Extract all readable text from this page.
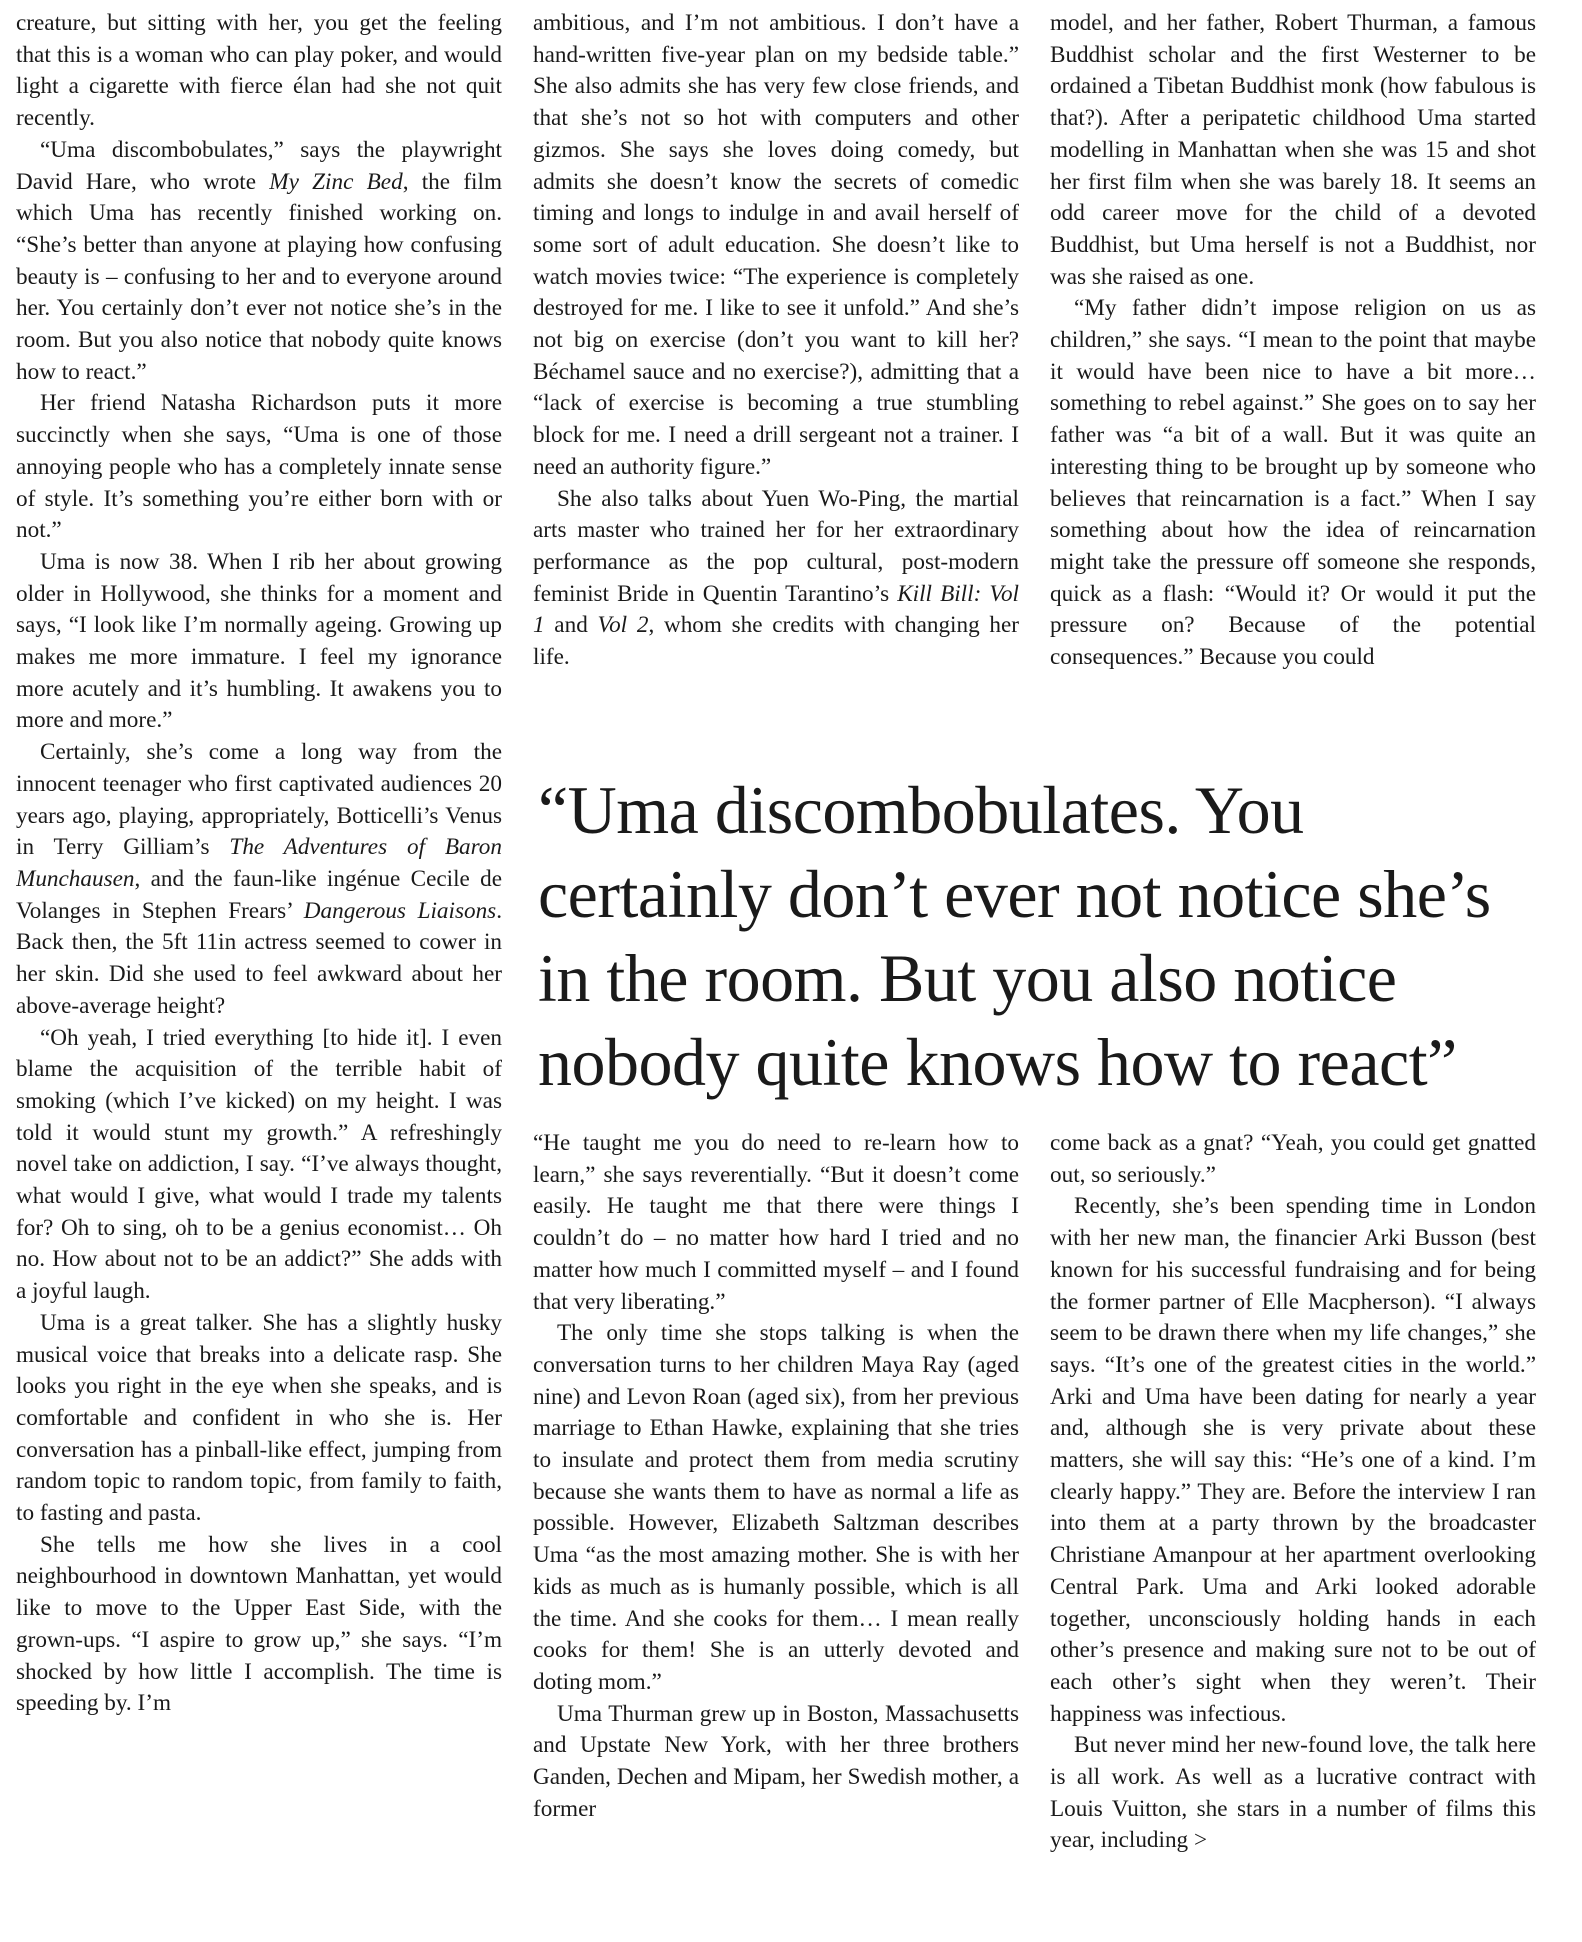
creature, but sitting with her, you get the feeling that this is a woman who can play poker, and would light a cigarette with fierce élan had she not quit recently.

“Uma discombobulates,” says the playwright David Hare, who wrote My Zinc Bed, the film which Uma has recently finished working on. “She’s better than anyone at playing how confusing beauty is – confusing to her and to everyone around her. You certainly don’t ever not notice she’s in the room. But you also notice that nobody quite knows how to react.”

Her friend Natasha Richardson puts it more succinctly when she says, “Uma is one of those annoying people who has a completely innate sense of style. It’s something you’re either born with or not.”

Uma is now 38. When I rib her about growing older in Hollywood, she thinks for a moment and says, “I look like I’m normally ageing. Growing up makes me more immature. I feel my ignorance more acutely and it’s humbling. It awakens you to more and more.”

Certainly, she’s come a long way from the innocent teenager who first captivated audiences 20 years ago, playing, appropriately, Botticelli’s Venus in Terry Gilliam’s The Adventures of Baron Munchausen, and the faun-like ingénue Cecile de Volanges in Stephen Frears’ Dangerous Liaisons. Back then, the 5ft 11in actress seemed to cower in her skin. Did she used to feel awkward about her above-average height?

“Oh yeah, I tried everything [to hide it]. I even blame the acquisition of the terrible habit of smoking (which I’ve kicked) on my height. I was told it would stunt my growth.” A refreshingly novel take on addiction, I say. “I’ve always thought, what would I give, what would I trade my talents for? Oh to sing, oh to be a genius economist… Oh no. How about not to be an addict?” She adds with a joyful laugh.

Uma is a great talker. She has a slightly husky musical voice that breaks into a delicate rasp. She looks you right in the eye when she speaks, and is comfortable and confident in who she is. Her conversation has a pinball-like effect, jumping from random topic to random topic, from family to faith, to fasting and pasta.

She tells me how she lives in a cool neighbourhood in downtown Manhattan, yet would like to move to the Upper East Side, with the grown-ups. “I aspire to grow up,” she says. “I’m shocked by how little I accomplish. The time is speeding by. I’m

ambitious, and I’m not ambitious. I don’t have a hand-written five-year plan on my bedside table.” She also admits she has very few close friends, and that she’s not so hot with computers and other gizmos. She says she loves doing comedy, but admits she doesn’t know the secrets of comedic timing and longs to indulge in and avail herself of some sort of adult education. She doesn’t like to watch movies twice: “The experience is completely destroyed for me. I like to see it unfold.” And she’s not big on exercise (don’t you want to kill her? Béchamel sauce and no exercise?), admitting that a “lack of exercise is becoming a true stumbling block for me. I need a drill sergeant not a trainer. I need an authority figure.”

She also talks about Yuen Wo-Ping, the martial arts master who trained her for her extraordinary performance as the pop cultural, post-modern feminist Bride in Quentin Tarantino’s Kill Bill: Vol 1 and Vol 2, whom she credits with changing her life.

model, and her father, Robert Thurman, a famous Buddhist scholar and the first Westerner to be ordained a Tibetan Buddhist monk (how fabulous is that?). After a peripatetic childhood Uma started modelling in Manhattan when she was 15 and shot her first film when she was barely 18. It seems an odd career move for the child of a devoted Buddhist, but Uma herself is not a Buddhist, nor was she raised as one.

“My father didn’t impose religion on us as children,” she says. “I mean to the point that maybe it would have been nice to have a bit more… something to rebel against.” She goes on to say her father was “a bit of a wall. But it was quite an interesting thing to be brought up by someone who believes that reincarnation is a fact.” When I say something about how the idea of reincarnation might take the pressure off someone she responds, quick as a flash: “Would it? Or would it put the pressure on? Because of the potential consequences.” Because you could

“Uma discombobulates. You
certainly don’t ever not notice she’s
in the room. But you also notice
nobody quite knows how to react”

“He taught me you do need to re-learn how to learn,” she says reverentially. “But it doesn’t come easily. He taught me that there were things I couldn’t do – no matter how hard I tried and no matter how much I committed myself – and I found that very liberating.”

The only time she stops talking is when the conversation turns to her children Maya Ray (aged nine) and Levon Roan (aged six), from her previous marriage to Ethan Hawke, explaining that she tries to insulate and protect them from media scrutiny because she wants them to have as normal a life as possible. However, Elizabeth Saltzman describes Uma “as the most amazing mother. She is with her kids as much as is humanly possible, which is all the time. And she cooks for them… I mean really cooks for them! She is an utterly devoted and doting mom.”

Uma Thurman grew up in Boston, Massachusetts and Upstate New York, with her three brothers Ganden, Dechen and Mipam, her Swedish mother, a former

come back as a gnat? “Yeah, you could get gnatted out, so seriously.”

Recently, she’s been spending time in London with her new man, the financier Arki Busson (best known for his successful fundraising and for being the former partner of Elle Macpherson). “I always seem to be drawn there when my life changes,” she says. “It’s one of the greatest cities in the world.” Arki and Uma have been dating for nearly a year and, although she is very private about these matters, she will say this: “He’s one of a kind. I’m clearly happy.” They are. Before the interview I ran into them at a party thrown by the broadcaster Christiane Amanpour at her apartment overlooking Central Park. Uma and Arki looked adorable together, unconsciously holding hands in each other’s presence and making sure not to be out of each other’s sight when they weren’t. Their happiness was infectious.

But never mind her new-found love, the talk here is all work. As well as a lucrative contract with Louis Vuitton, she stars in a number of films this year, including >
